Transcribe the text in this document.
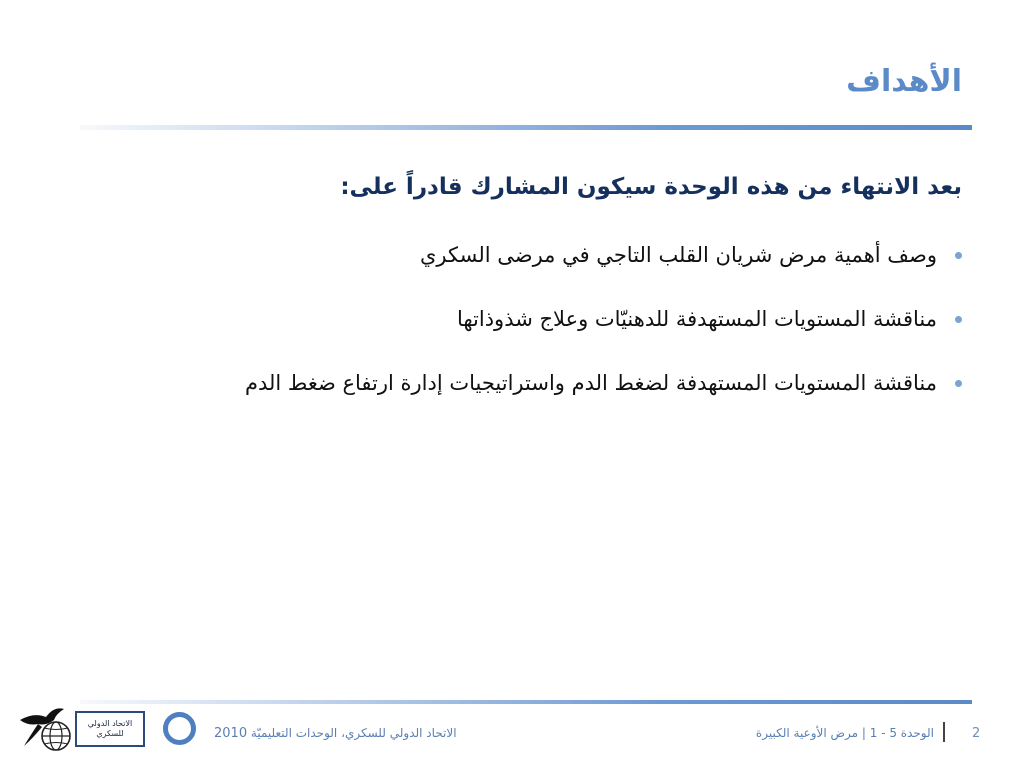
الأهداف
بعد الانتهاء من هذه الوحدة سيكون المشارك قادراً على:
وصف أهمية مرض شريان القلب التاجي في مرضى السكري
مناقشة المستويات المستهدفة للدهنيّات وعلاج شذوذاتها
مناقشة المستويات المستهدفة لضغط الدم واستراتيجيات إدارة ارتفاع ضغط الدم
2
الوحدة 5 - 1 | مرض الأوعية الكبيرة
الاتحاد الدولي للسكري، الوحدات التعليميّة 2010
الاتحاد الدولي
للسكري
